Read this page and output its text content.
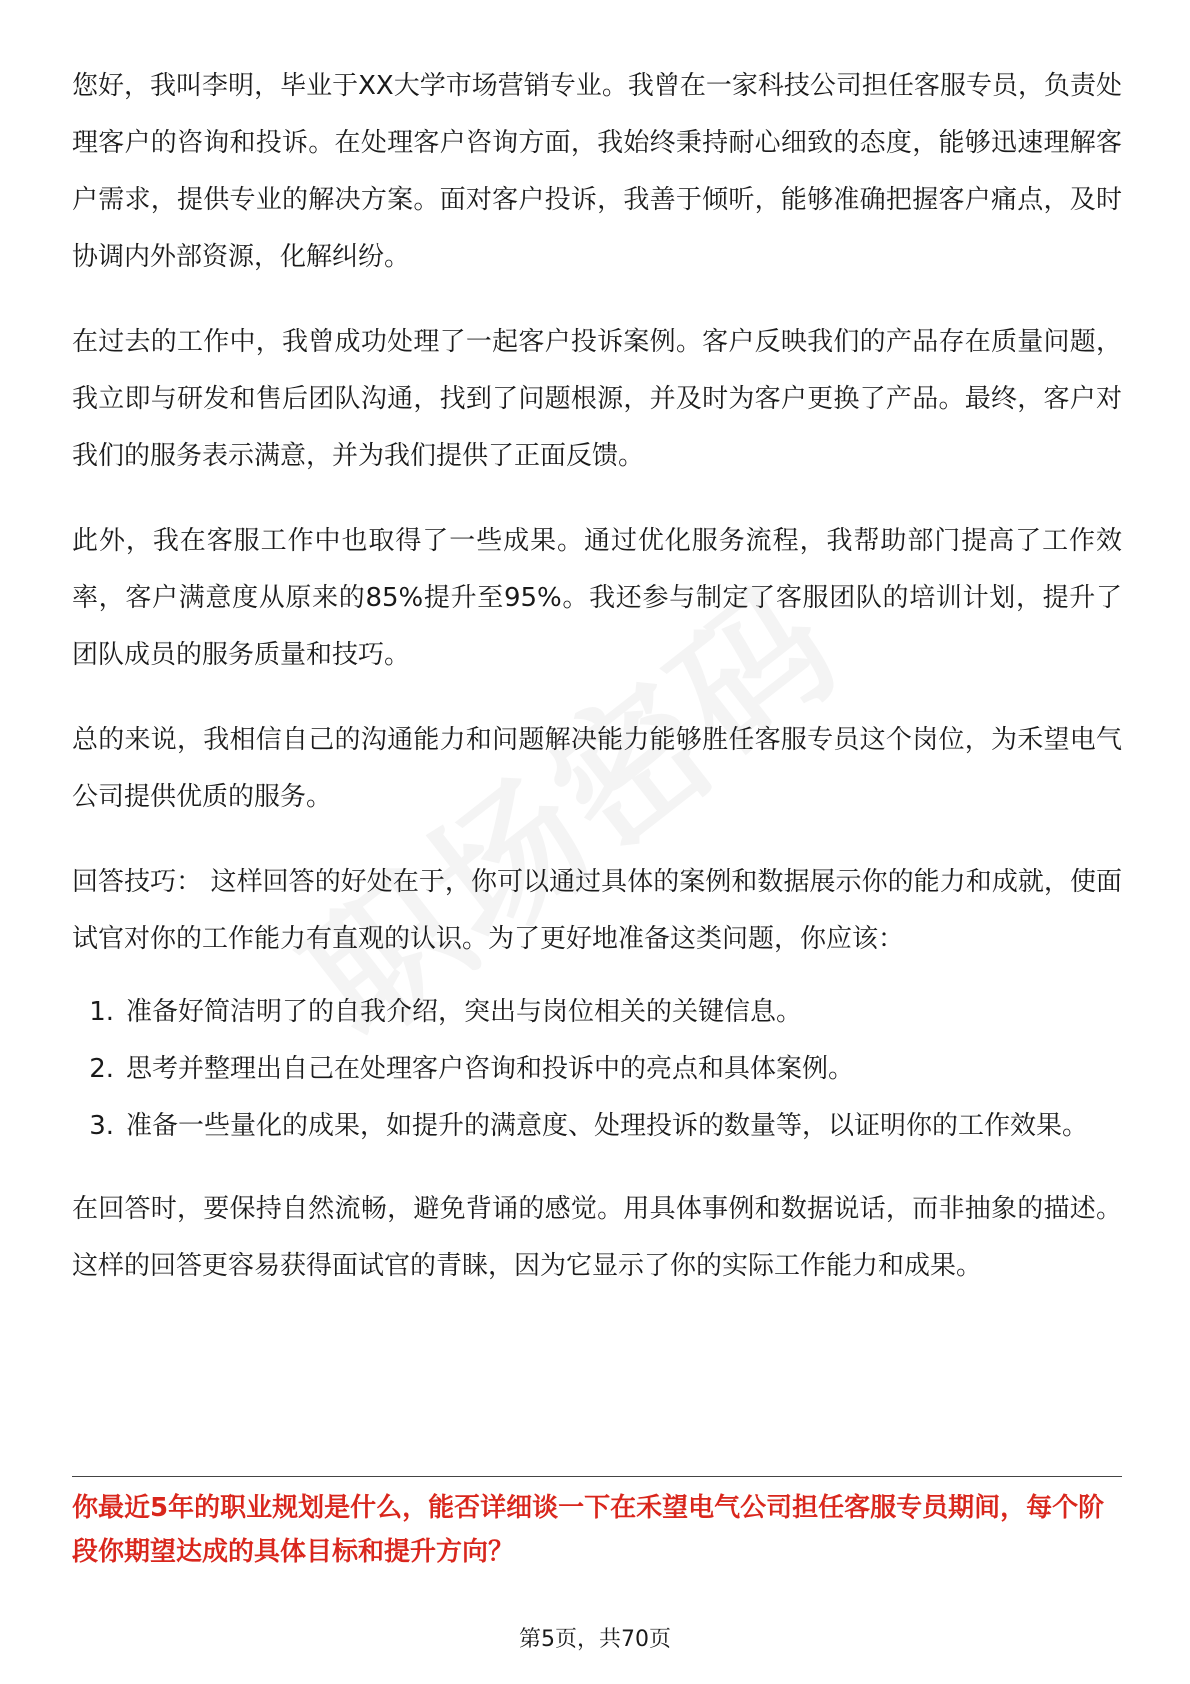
您好，我叫李明，毕业于XX大学市场营销专业。我曾在一家科技公司担任客服专员，负责处理客户的咨询和投诉。在处理客户咨询方面，我始终秉持耐心细致的态度，能够迅速理解客户需求，提供专业的解决方案。面对客户投诉，我善于倾听，能够准确把握客户痛点，及时协调内外部资源，化解纠纷。

在过去的工作中，我曾成功处理了一起客户投诉案例。客户反映我们的产品存在质量问题，我立即与研发和售后团队沟通，找到了问题根源，并及时为客户更换了产品。最终，客户对我们的服务表示满意，并为我们提供了正面反馈。

此外，我在客服工作中也取得了一些成果。通过优化服务流程，我帮助部门提高了工作效率，客户满意度从原来的85%提升至95%。我还参与制定了客服团队的培训计划，提升了团队成员的服务质量和技巧。

总的来说，我相信自己的沟通能力和问题解决能力能够胜任客服专员这个岗位，为禾望电气公司提供优质的服务。

回答技巧： 这样回答的好处在于，你可以通过具体的案例和数据展示你的能力和成就，使面试官对你的工作能力有直观的认识。为了更好地准备这类问题，你应该：

1. 准备好简洁明了的自我介绍，突出与岗位相关的关键信息。
2. 思考并整理出自己在处理客户咨询和投诉中的亮点和具体案例。
3. 准备一些量化的成果，如提升的满意度、处理投诉的数量等，以证明你的工作效果。

在回答时，要保持自然流畅，避免背诵的感觉。用具体事例和数据说话，而非抽象的描述。这样的回答更容易获得面试官的青睐，因为它显示了你的实际工作能力和成果。

你最近5年的职业规划是什么，能否详细谈一下在禾望电气公司担任客服专员期间，每个阶段你期望达成的具体目标和提升方向？

第5页，共70页
